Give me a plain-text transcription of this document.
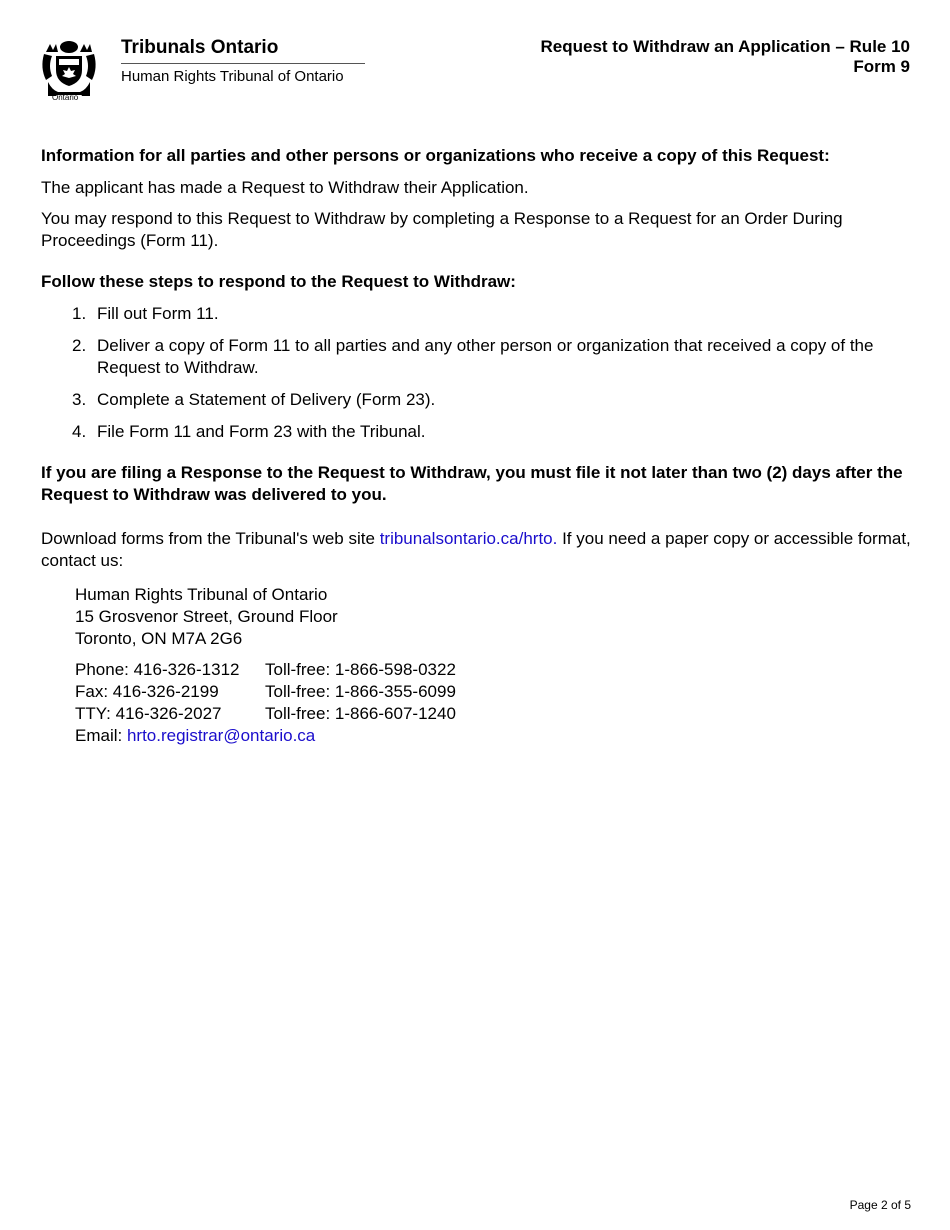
Ontario
Tribunals Ontario
Human Rights Tribunal of Ontario
Request to Withdraw an Application – Rule 10
Form 9

Information for all parties and other persons or organizations who receive a copy of this Request:

The applicant has made a Request to Withdraw their Application.

You may respond to this Request to Withdraw by completing a Response to a Request for an Order During Proceedings (Form 11).

Follow these steps to respond to the Request to Withdraw:

1. Fill out Form 11.
2. Deliver a copy of Form 11 to all parties and any other person or organization that received a copy of the Request to Withdraw.
3. Complete a Statement of Delivery (Form 23).
4. File Form 11 and Form 23 with the Tribunal.

If you are filing a Response to the Request to Withdraw, you must file it not later than two (2) days after the Request to Withdraw was delivered to you.

Download forms from the Tribunal's web site tribunalsontario.ca/hrto. If you need a paper copy or accessible format, contact us:

Human Rights Tribunal of Ontario
15 Grosvenor Street, Ground Floor
Toronto, ON M7A 2G6
Phone: 416-326-1312	Toll-free: 1-866-598-0322
Fax: 416-326-2199	Toll-free: 1-866-355-6099
TTY: 416-326-2027	Toll-free: 1-866-607-1240
Email: hrto.registrar@ontario.ca
Page 2 of 5
